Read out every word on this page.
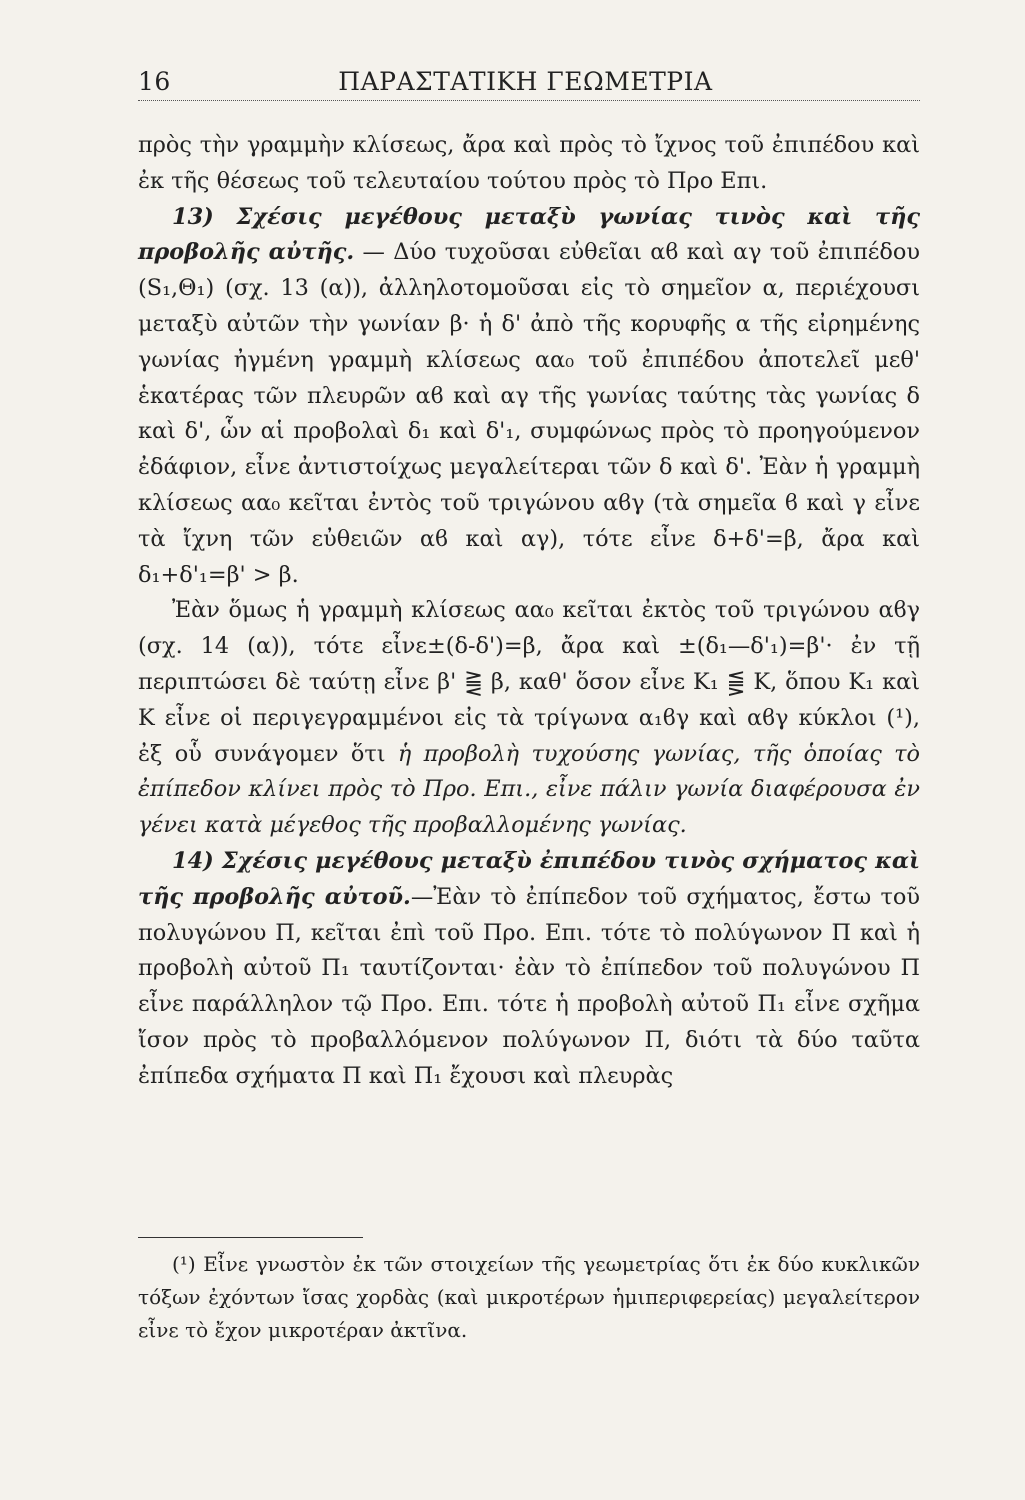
16	ΠΑΡΑΣΤΑΤΙΚΗ ΓΕΩΜΕΤΡΙΑ

πρὸς τὴν γραμμὴν κλίσεως, ἄρα καὶ πρὸς τὸ ἴχνος τοῦ ἐπιπέδου καὶ ἐκ τῆς θέσεως τοῦ τελευταίου τούτου πρὸς τὸ Προ Επι.

13) Σχέσις μεγέθους μεταξὺ γωνίας τινὸς καὶ τῆς προβολῆς αὐτῆς. — Δύο τυχοῦσαι εὐθεῖαι αϐ καὶ αγ τοῦ ἐπιπέδου (S₁,Θ₁) (σχ. 13 (α)), ἀλληλοτομοῦσαι εἰς τὸ σημεῖον α, περιέχουσι μεταξὺ αὐτῶν τὴν γωνίαν β· ἡ δ' ἀπὸ τῆς κορυφῆς α τῆς εἰρημένης γωνίας ἠγμένη γραμμὴ κλίσεως αα₀ τοῦ ἐπιπέδου ἀποτελεῖ μεθ' ἑκατέρας τῶν πλευρῶν αϐ καὶ αγ τῆς γωνίας ταύτης τὰς γωνίας δ καὶ δ', ὧν αἱ προβολαὶ δ₁ καὶ δ'₁, συμφώνως πρὸς τὸ προηγούμενον ἐδάφιον, εἶνε ἀντιστοίχως μεγαλείτεραι τῶν δ καὶ δ'. Ἐὰν ἡ γραμμὴ κλίσεως αα₀ κεῖται ἐντὸς τοῦ τριγώνου αϐγ (τὰ σημεῖα ϐ καὶ γ εἶνε τὰ ἴχνη τῶν εὐθειῶν αϐ καὶ αγ), τότε εἶνε δ+δ'=β, ἄρα καὶ δ₁+δ'₁=β' > β.

Ἐὰν ὅμως ἡ γραμμὴ κλίσεως αα₀ κεῖται ἐκτὸς τοῦ τριγώνου αϐγ (σχ. 14 (α)), τότε εἶνε±(δ-δ')=β, ἄρα καὶ ±(δ₁—δ'₁)=β'· ἐν τῇ περιπτώσει δὲ ταύτῃ εἶνε β' ⪌ β, καθ' ὅσον εἶνε K₁ ⪋ K, ὅπου K₁ καὶ K εἶνε οἱ περιγεγραμμένοι εἰς τὰ τρίγωνα α₁ϐγ καὶ αϐγ κύκλοι (¹), ἐξ οὗ συνάγομεν ὅτι ἡ προβολὴ τυχούσης γωνίας, τῆς ὁποίας τὸ ἐπίπεδον κλίνει πρὸς τὸ Προ. Επι., εἶνε πάλιν γωνία διαφέρουσα ἐν γένει κατὰ μέγεθος τῆς προβαλλομένης γωνίας.

14) Σχέσις μεγέθους μεταξὺ ἐπιπέδου τινὸς σχήματος καὶ τῆς προβολῆς αὐτοῦ.—Ἐὰν τὸ ἐπίπεδον τοῦ σχήματος, ἔστω τοῦ πολυγώνου Π, κεῖται ἐπὶ τοῦ Προ. Επι. τότε τὸ πολύγωνον Π καὶ ἡ προβολὴ αὐτοῦ Π₁ ταυτίζονται· ἐὰν τὸ ἐπίπεδον τοῦ πολυγώνου Π εἶνε παράλληλον τῷ Προ. Επι. τότε ἡ προβολὴ αὐτοῦ Π₁ εἶνε σχῆμα ἴσον πρὸς τὸ προβαλλόμενον πολύγωνον Π, διότι τὰ δύο ταῦτα ἐπίπεδα σχήματα Π καὶ Π₁ ἔχουσι καὶ πλευρὰς

(¹) Εἶνε γνωστὸν ἐκ τῶν στοιχείων τῆς γεωμετρίας ὅτι ἐκ δύο κυκλικῶν τόξων ἐχόντων ἴσας χορδὰς (καὶ μικροτέρων ἡμιπεριφερείας) μεγαλείτερον εἶνε τὸ ἔχον μικροτέραν ἀκτῖνα.
